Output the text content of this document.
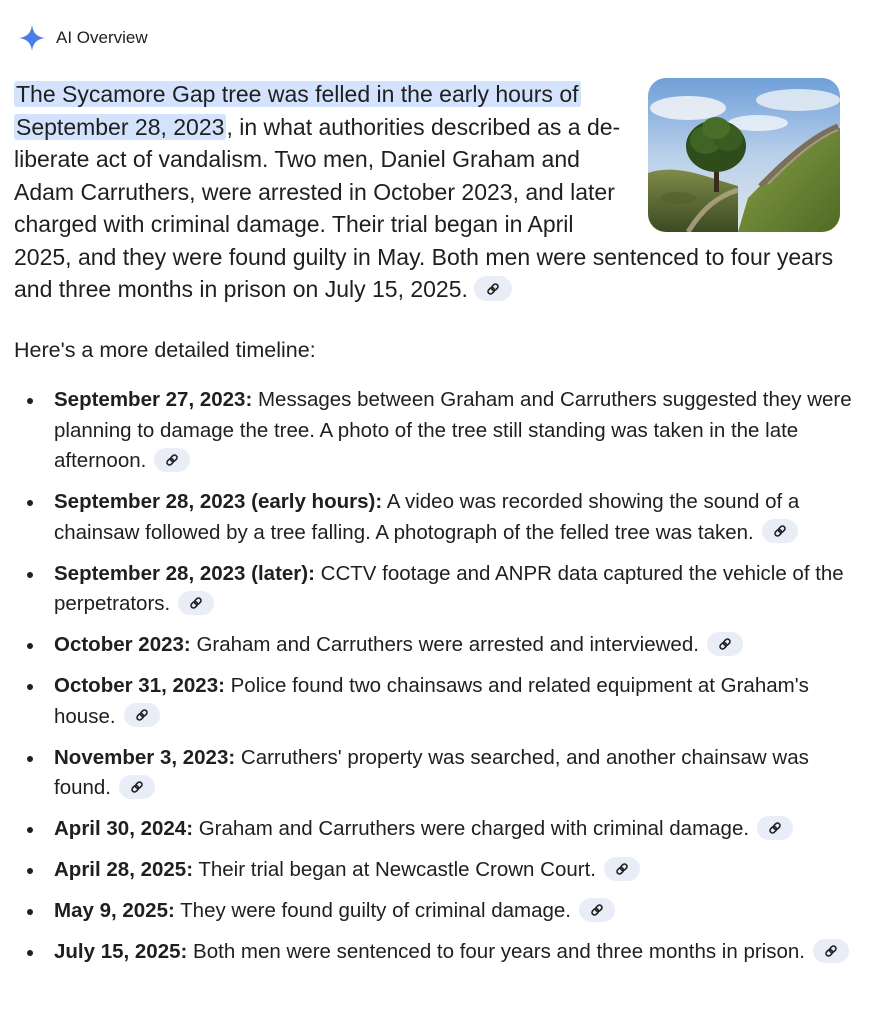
AI Overview
The Sycamore Gap tree was felled in the early hours of
September 28, 2023, in what authorities described as a de-liberate act of vandalism. Two men, Daniel Graham and Adam Carruthers, were arrested in October 2023, and later charged with criminal damage. Their trial began in April 2025, and they were found guilty in May. Both men were sentenced to four years and three months in prison on July 15, 2025.
Here's a more detailed timeline:
September 27, 2023: Messages between Graham and Carruthers suggested they were planning to damage the tree. A photo of the tree still standing was taken in the late afternoon.
September 28, 2023 (early hours): A video was recorded showing the sound of a chainsaw followed by a tree falling. A photograph of the felled tree was taken.
September 28, 2023 (later): CCTV footage and ANPR data captured the vehicle of the perpetrators.
October 2023: Graham and Carruthers were arrested and interviewed.
October 31, 2023: Police found two chainsaws and related equipment at Graham's house.
November 3, 2023: Carruthers' property was searched, and another chainsaw was found.
April 30, 2024: Graham and Carruthers were charged with criminal damage.
April 28, 2025: Their trial began at Newcastle Crown Court.
May 9, 2025: They were found guilty of criminal damage.
July 15, 2025: Both men were sentenced to four years and three months in prison.
